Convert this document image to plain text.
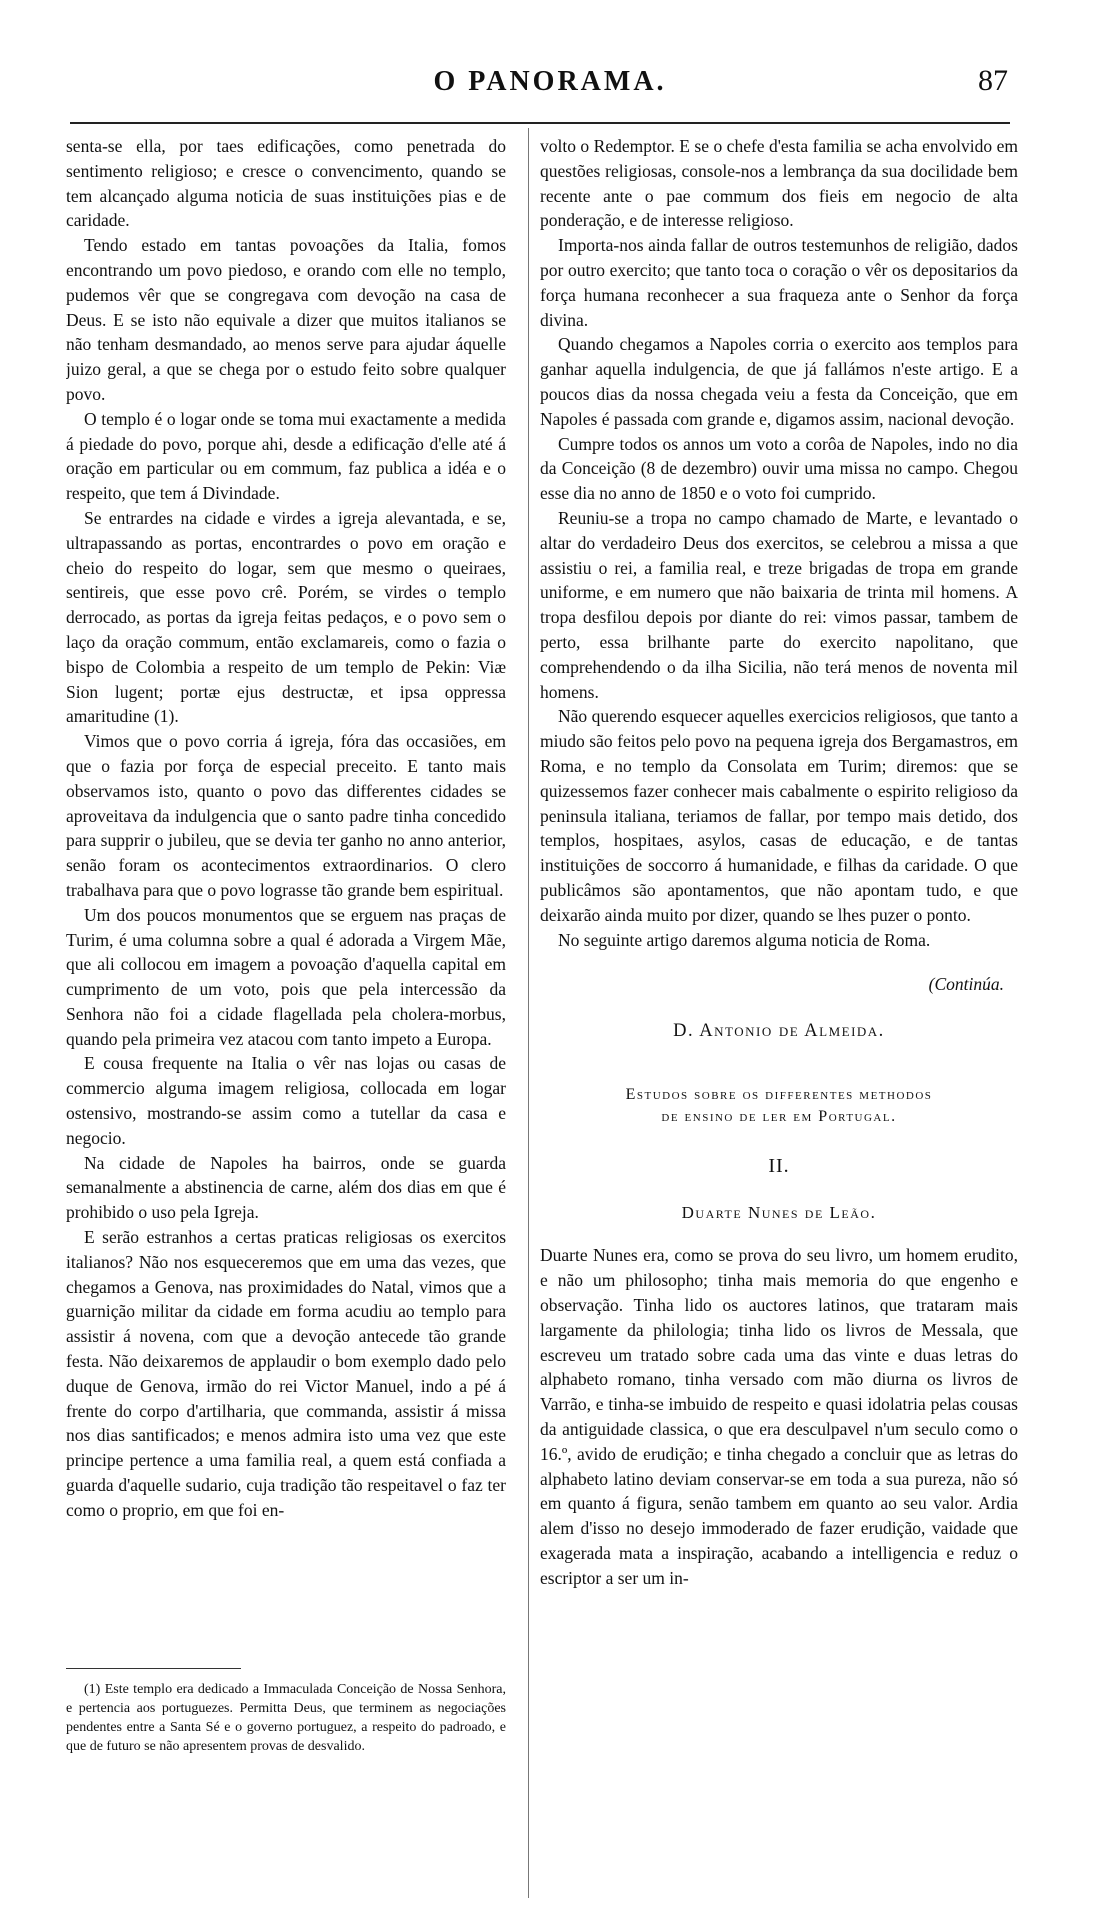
O PANORAMA.	87

senta-se ella, por taes edificações, como penetrada do sentimento religioso; e cresce o convencimento, quando se tem alcançado alguma noticia de suas instituições pias e de caridade.

Tendo estado em tantas povoações da Italia, fomos encontrando um povo piedoso, e orando com elle no templo, pudemos vêr que se congregava com devoção na casa de Deus. E se isto não equivale a dizer que muitos italianos se não tenham desmandado, ao menos serve para ajudar áquelle juizo geral, a que se chega por o estudo feito sobre qualquer povo.

O templo é o logar onde se toma mui exactamente a medida á piedade do povo, porque ahi, desde a edificação d'elle até á oração em particular ou em commum, faz publica a idéa e o respeito, que tem á Divindade.

Se entrardes na cidade e virdes a igreja alevantada, e se, ultrapassando as portas, encontrardes o povo em oração e cheio do respeito do logar, sem que mesmo o queiraes, sentireis, que esse povo crê. Porém, se virdes o templo derrocado, as portas da igreja feitas pedaços, e o povo sem o laço da oração commum, então exclamareis, como o fazia o bispo de Colombia a respeito de um templo de Pekin: Viæ Sion lugent; portæ ejus destructæ, et ipsa oppressa amaritudine (1).

Vimos que o povo corria á igreja, fóra das occasiões, em que o fazia por força de especial preceito. E tanto mais observamos isto, quanto o povo das differentes cidades se aproveitava da indulgencia que o santo padre tinha concedido para supprir o jubileu, que se devia ter ganho no anno anterior, senão foram os acontecimentos extraordinarios. O clero trabalhava para que o povo lograsse tão grande bem espiritual.

Um dos poucos monumentos que se erguem nas praças de Turim, é uma columna sobre a qual é adorada a Virgem Mãe, que ali collocou em imagem a povoação d'aquella capital em cumprimento de um voto, pois que pela intercessão da Senhora não foi a cidade flagellada pela cholera-morbus, quando pela primeira vez atacou com tanto impeto a Europa.

E cousa frequente na Italia o vêr nas lojas ou casas de commercio alguma imagem religiosa, collocada em logar ostensivo, mostrando-se assim como a tutellar da casa e negocio.

Na cidade de Napoles ha bairros, onde se guarda semanalmente a abstinencia de carne, além dos dias em que é prohibido o uso pela Igreja.

E serão estranhos a certas praticas religiosas os exercitos italianos? Não nos esqueceremos que em uma das vezes, que chegamos a Genova, nas proximidades do Natal, vimos que a guarnição militar da cidade em forma acudiu ao templo para assistir á novena, com que a devoção antecede tão grande festa. Não deixaremos de applaudir o bom exemplo dado pelo duque de Genova, irmão do rei Victor Manuel, indo a pé á frente do corpo d'artilharia, que commanda, assistir á missa nos dias santificados; e menos admira isto uma vez que este principe pertence a uma familia real, a quem está confiada a guarda d'aquelle sudario, cuja tradição tão respeitavel o faz ter como o proprio, em que foi en-

(1) Este templo era dedicado a Immaculada Conceição de Nossa Senhora, e pertencia aos portuguezes. Permitta Deus, que terminem as negociações pendentes entre a Santa Sé e o governo portuguez, a respeito do padroado, e que de futuro se não apresentem provas de desvalido.

volto o Redemptor. E se o chefe d'esta familia se acha envolvido em questões religiosas, console-nos a lembrança da sua docilidade bem recente ante o pae commum dos fieis em negocio de alta ponderação, e de interesse religioso.

Importa-nos ainda fallar de outros testemunhos de religião, dados por outro exercito; que tanto toca o coração o vêr os depositarios da força humana reconhecer a sua fraqueza ante o Senhor da força divina.

Quando chegamos a Napoles corria o exercito aos templos para ganhar aquella indulgencia, de que já fallámos n'este artigo. E a poucos dias da nossa chegada veiu a festa da Conceição, que em Napoles é passada com grande e, digamos assim, nacional devoção.

Cumpre todos os annos um voto a corôa de Napoles, indo no dia da Conceição (8 de dezembro) ouvir uma missa no campo. Chegou esse dia no anno de 1850 e o voto foi cumprido.

Reuniu-se a tropa no campo chamado de Marte, e levantado o altar do verdadeiro Deus dos exercitos, se celebrou a missa a que assistiu o rei, a familia real, e treze brigadas de tropa em grande uniforme, e em numero que não baixaria de trinta mil homens. A tropa desfilou depois por diante do rei: vimos passar, tambem de perto, essa brilhante parte do exercito napolitano, que comprehendendo o da ilha Sicilia, não terá menos de noventa mil homens.

Não querendo esquecer aquelles exercicios religiosos, que tanto a miudo são feitos pelo povo na pequena igreja dos Bergamastros, em Roma, e no templo da Consolata em Turim; diremos: que se quizessemos fazer conhecer mais cabalmente o espirito religioso da peninsula italiana, teriamos de fallar, por tempo mais detido, dos templos, hospitaes, asylos, casas de educação, e de tantas instituições de soccorro á humanidade, e filhas da caridade. O que publicâmos são apontamentos, que não apontam tudo, e que deixarão ainda muito por dizer, quando se lhes puzer o ponto.

No seguinte artigo daremos alguma noticia de Roma.

(Continúa.

D. Antonio de Almeida.

Estudos sobre os differentes methodos
de ensino de ler em Portugal.
II.
Duarte Nunes de Leão.

Duarte Nunes era, como se prova do seu livro, um homem erudito, e não um philosopho; tinha mais memoria do que engenho e observação. Tinha lido os auctores latinos, que trataram mais largamente da philologia; tinha lido os livros de Messala, que escreveu um tratado sobre cada uma das vinte e duas letras do alphabeto romano, tinha versado com mão diurna os livros de Varrão, e tinha-se imbuido de respeito e quasi idolatria pelas cousas da antiguidade classica, o que era desculpavel n'um seculo como o 16.º, avido de erudição; e tinha chegado a concluir que as letras do alphabeto latino deviam conservar-se em toda a sua pureza, não só em quanto á figura, senão tambem em quanto ao seu valor. Ardia alem d'isso no desejo immoderado de fazer erudição, vaidade que exagerada mata a inspiração, acabando a intelligencia e reduz o escriptor a ser um in-
